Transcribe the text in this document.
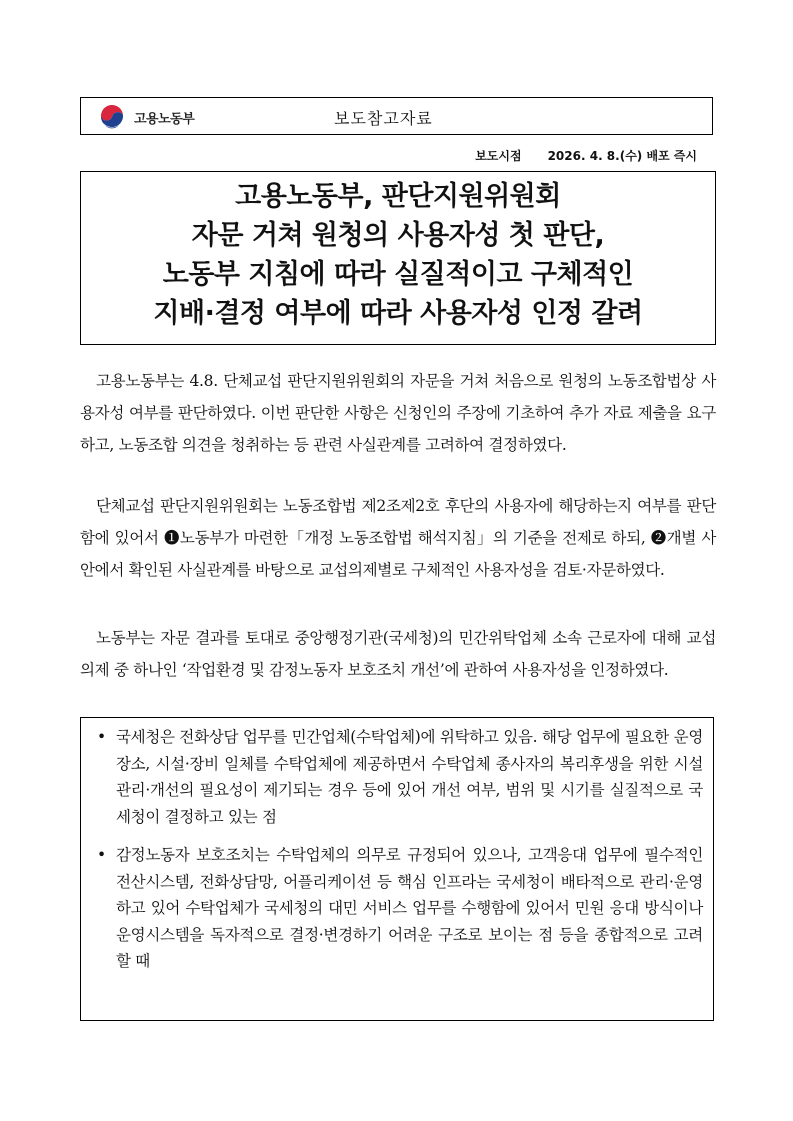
고용노동부	보도참고자료
보도시점 2026. 4. 8.(수) 배포 즉시
고용노동부, 판단지원위원회
자문 거쳐 원청의 사용자성 첫 판단,
노동부 지침에 따라 실질적이고 구체적인
지배·결정 여부에 따라 사용자성 인정 갈려
고용노동부는 4.8. 단체교섭 판단지원위원회의 자문을 거쳐 처음으로 원청의 노동조합법상 사용자성 여부를 판단하였다. 이번 판단한 사항은 신청인의 주장에 기초하여 추가 자료 제출을 요구하고, 노동조합 의견을 청취하는 등 관련 사실관계를 고려하여 결정하였다.
단체교섭 판단지원위원회는 노동조합법 제2조제2호 후단의 사용자에 해당하는지 여부를 판단함에 있어서 ❶노동부가 마련한「개정 노동조합법 해석지침」의 기준을 전제로 하되, ❷개별 사안에서 확인된 사실관계를 바탕으로 교섭의제별로 구체적인 사용자성을 검토·자문하였다.
노동부는 자문 결과를 토대로 중앙행정기관(국세청)의 민간위탁업체 소속 근로자에 대해 교섭의제 중 하나인 ‘작업환경 및 감정노동자 보호조치 개선’에 관하여 사용자성을 인정하였다.
• 국세청은 전화상담 업무를 민간업체(수탁업체)에 위탁하고 있음. 해당 업무에 필요한 운영장소, 시설·장비 일체를 수탁업체에 제공하면서 수탁업체 종사자의 복리후생을 위한 시설 관리·개선의 필요성이 제기되는 경우 등에 있어 개선 여부, 범위 및 시기를 실질적으로 국세청이 결정하고 있는 점
• 감정노동자 보호조치는 수탁업체의 의무로 규정되어 있으나, 고객응대 업무에 필수적인 전산시스템, 전화상담망, 어플리케이션 등 핵심 인프라는 국세청이 배타적으로 관리·운영하고 있어 수탁업체가 국세청의 대민 서비스 업무를 수행함에 있어서 민원 응대 방식이나 운영시스템을 독자적으로 결정·변경하기 어려운 구조로 보이는 점 등을 종합적으로 고려할 때
